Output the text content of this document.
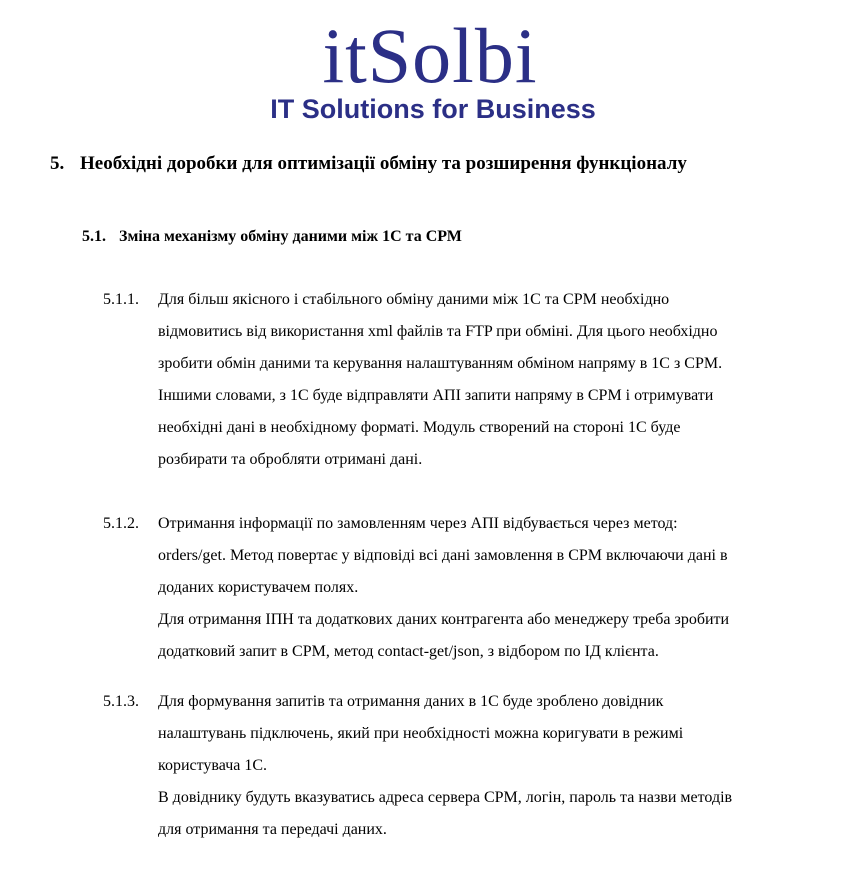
itSolbi
IT Solutions for Business
5. Необхідні доробки для оптимізації обміну та розширення функціоналу
5.1. Зміна механізму обміну даними між 1С та СРМ
5.1.1. Для більш якісного і стабільного обміну даними між 1С та СРМ необхідно

відмовитись від використання xml файлів та FTP при обміні. Для цього необхідно

зробити обмін даними та керування налаштуванням обміном напряму в 1С з СРМ.

Іншими словами, з 1С буде відправляти АПІ запити напряму в СРМ і отримувати

необхідні дані в необхідному форматі. Модуль створений на стороні 1С буде

розбирати та обробляти отримані дані.

5.1.2. Отримання інформації по замовленням через АПІ відбувається через метод:

orders/get. Метод повертає у відповіді всі дані замовлення в СРМ включаючи дані в

доданих користувачем полях.

Для отримання ІПН та додаткових даних контрагента або менеджеру треба зробити

додатковий запит в СРМ, метод contact-get/json, з відбором по ІД клієнта.

5.1.3. Для формування запитів та отримання даних в 1С буде зроблено довідник

налаштувань підключень, який при необхідності можна коригувати в режимі

користувача 1С.

В довіднику будуть вказуватись адреса сервера СРМ, логін, пароль та назви методів

для отримання та передачі даних.
